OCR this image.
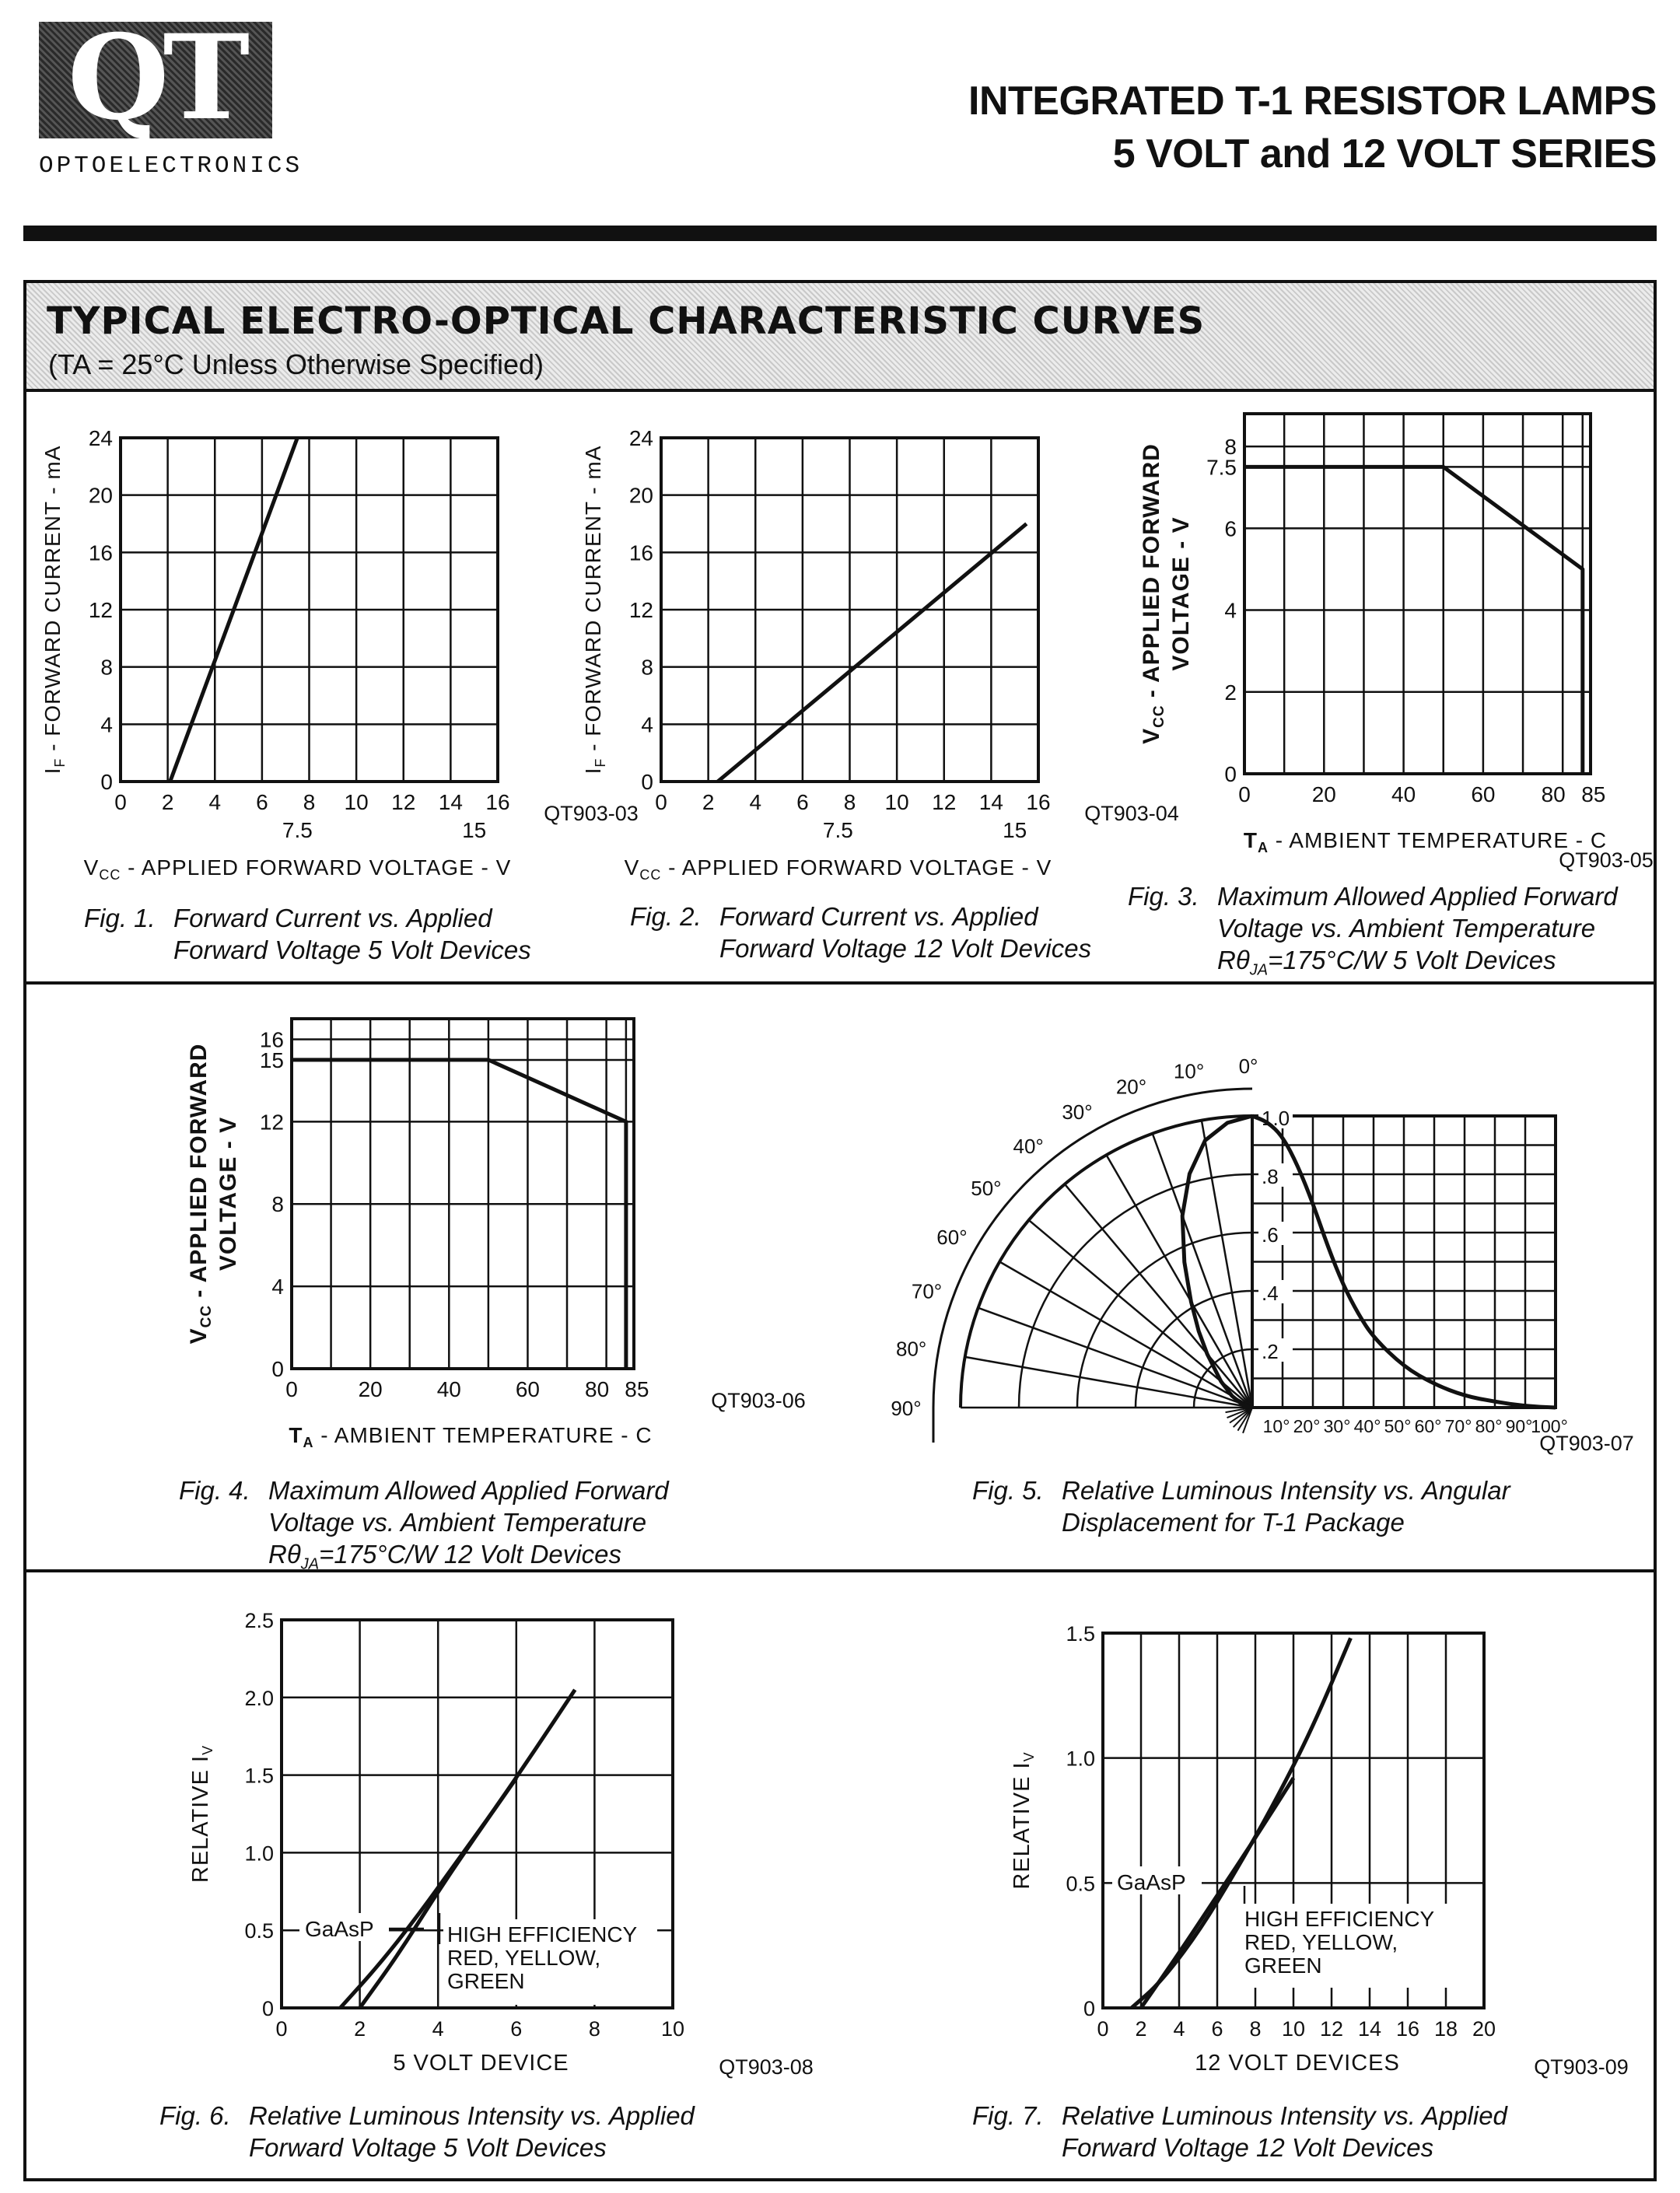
QT
OPTOELECTRONICS
INTEGRATED T-1 RESISTOR LAMPS
5 VOLT and 12 VOLT SERIES
TYPICAL ELECTRO-OPTICAL CHARACTERISTIC CURVES
(TA = 25°C Unless Otherwise Specified)
0 2 4 6 8 10 12 14 16
7.5	15
0
4
8
12
16
20
24
QT903-03
$V_{CC}$ - APPLIED FORWARD VOLTAGE - V
$I_F$ - FORWARD CURRENT - mA
0 2 4 6 8 10 12 14 16
7.5	15
0
4
8
12
16
20
24
QT903-04
$V_{CC}$ - APPLIED FORWARD VOLTAGE - V
$I_F$ - FORWARD CURRENT - mA
0	20	40	60 80 85
0
2
4
6
7.5
8
QT903-05
$T_A$ - AMBIENT TEMPERATURE - C
$V_{CC}$ - APPLIED FORWARD VOLTAGE - V
0	20 40 60 80 85
0
4
8
12
15
16
QT903-06
$T_A$ - AMBIENT TEMPERATURE - C
$V_{CC}$ - APPLIED FORWARD VOLTAGE - V
0	2	4	6	8	10
0
0.5
1.0
1.5
2.0
2.5
QT903-08
5 VOLT DEVICE
RELATIVE $I_V$
GaAsP	HIGH EFFICIENCY
RED, YELLOW,
GREEN
0 2 4 6 8 10 12 14 16 18 20
0
0.5
1.0
1.5
QT903-09
12 VOLT DEVICES
RELATIVE $I_V$
GaAsP
HIGH EFFICIENCY
RED, YELLOW,
GREEN
90°
80°
70°
60°
50°
40°
30°
20°
10° 0°
.2
.4
.6
.8
1.0
10° 20° 30° 40° 50° 60° 70° 80° 90°
100°
QT903-07
Fig. 1. Forward Current vs. Applied
Forward Voltage 5 Volt Devices
Fig. 2. Forward Current vs. Applied
Forward Voltage 12 Volt Devices
Fig. 3. Maximum Allowed Applied Forward
Voltage vs. Ambient Temperature
$R\theta_{JA}=175^\circ C/W$ 5 Volt Devices
Fig. 4. Maximum Allowed Applied Forward
Voltage vs. Ambient Temperature
$R\theta_{JA}=175^\circ C/W$ 12 Volt Devices
Fig. 5. Relative Luminous Intensity vs. Angular
Displacement for T-1 Package
Fig. 6. Relative Luminous Intensity vs. Applied
Forward Voltage 5 Volt Devices
Fig. 7. Relative Luminous Intensity vs. Applied
Forward Voltage 12 Volt Devices
